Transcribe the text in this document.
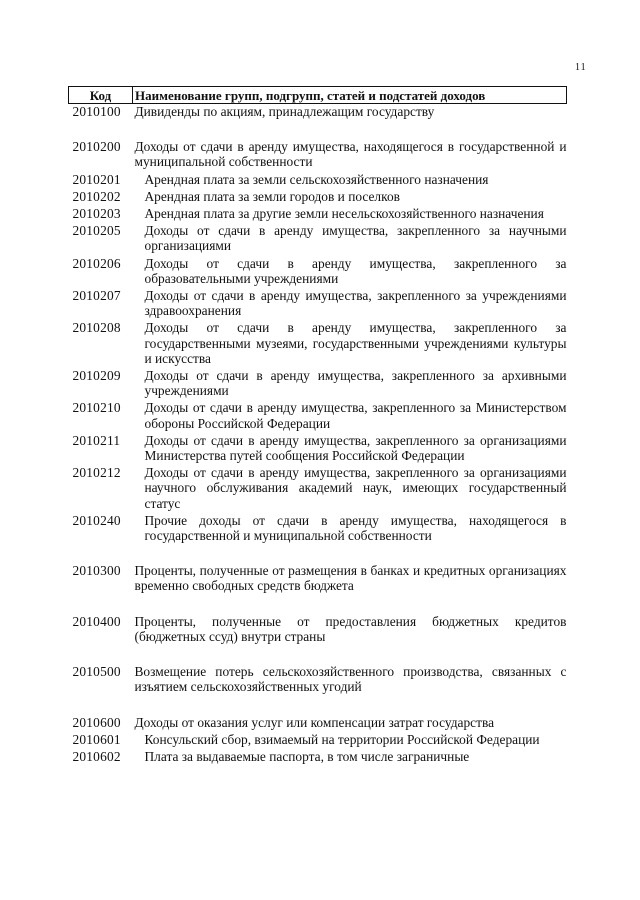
11
Код	Наименование групп, подгрупп, статей и подстатей доходов
2010100	Дивиденды по акциям, принадлежащим государству
2010200	Доходы от сдачи в аренду имущества, находящегося в государственной и муниципальной собственности
2010201	Арендная плата за земли сельскохозяйственного назначения
2010202	Арендная плата за земли городов и поселков
2010203	Арендная плата за другие земли несельскохозяйственного назначения
2010205	Доходы от сдачи в аренду имущества, закрепленного за научными организациями
2010206	Доходы от сдачи в аренду имущества, закрепленного за образовательными учреждениями
2010207	Доходы от сдачи в аренду имущества, закрепленного за учреждениями здравоохранения
2010208	Доходы от сдачи в аренду имущества, закрепленного за государственными музеями, государственными учреждениями культуры и искусства
2010209	Доходы от сдачи в аренду имущества, закрепленного за архивными учреждениями
2010210	Доходы от сдачи в аренду имущества, закрепленного за Министерством обороны Российской Федерации
2010211	Доходы от сдачи в аренду имущества, закрепленного за организациями Министерства путей сообщения Российской Федерации
2010212	Доходы от сдачи в аренду имущества, закрепленного за организациями научного обслуживания академий наук, имеющих государственный статус
2010240	Прочие доходы от сдачи в аренду имущества, находящегося в государственной и муниципальной собственности
2010300	Проценты, полученные от размещения в банках и кредитных организациях временно свободных средств бюджета
2010400	Проценты, полученные от предоставления бюджетных кредитов (бюджетных ссуд) внутри страны
2010500	Возмещение потерь сельскохозяйственного производства, связанных с изъятием сельскохозяйственных угодий
2010600	Доходы от оказания услуг или компенсации затрат государства
2010601	Консульский сбор, взимаемый на территории Российской Федерации
2010602	Плата за выдаваемые паспорта, в том числе заграничные
